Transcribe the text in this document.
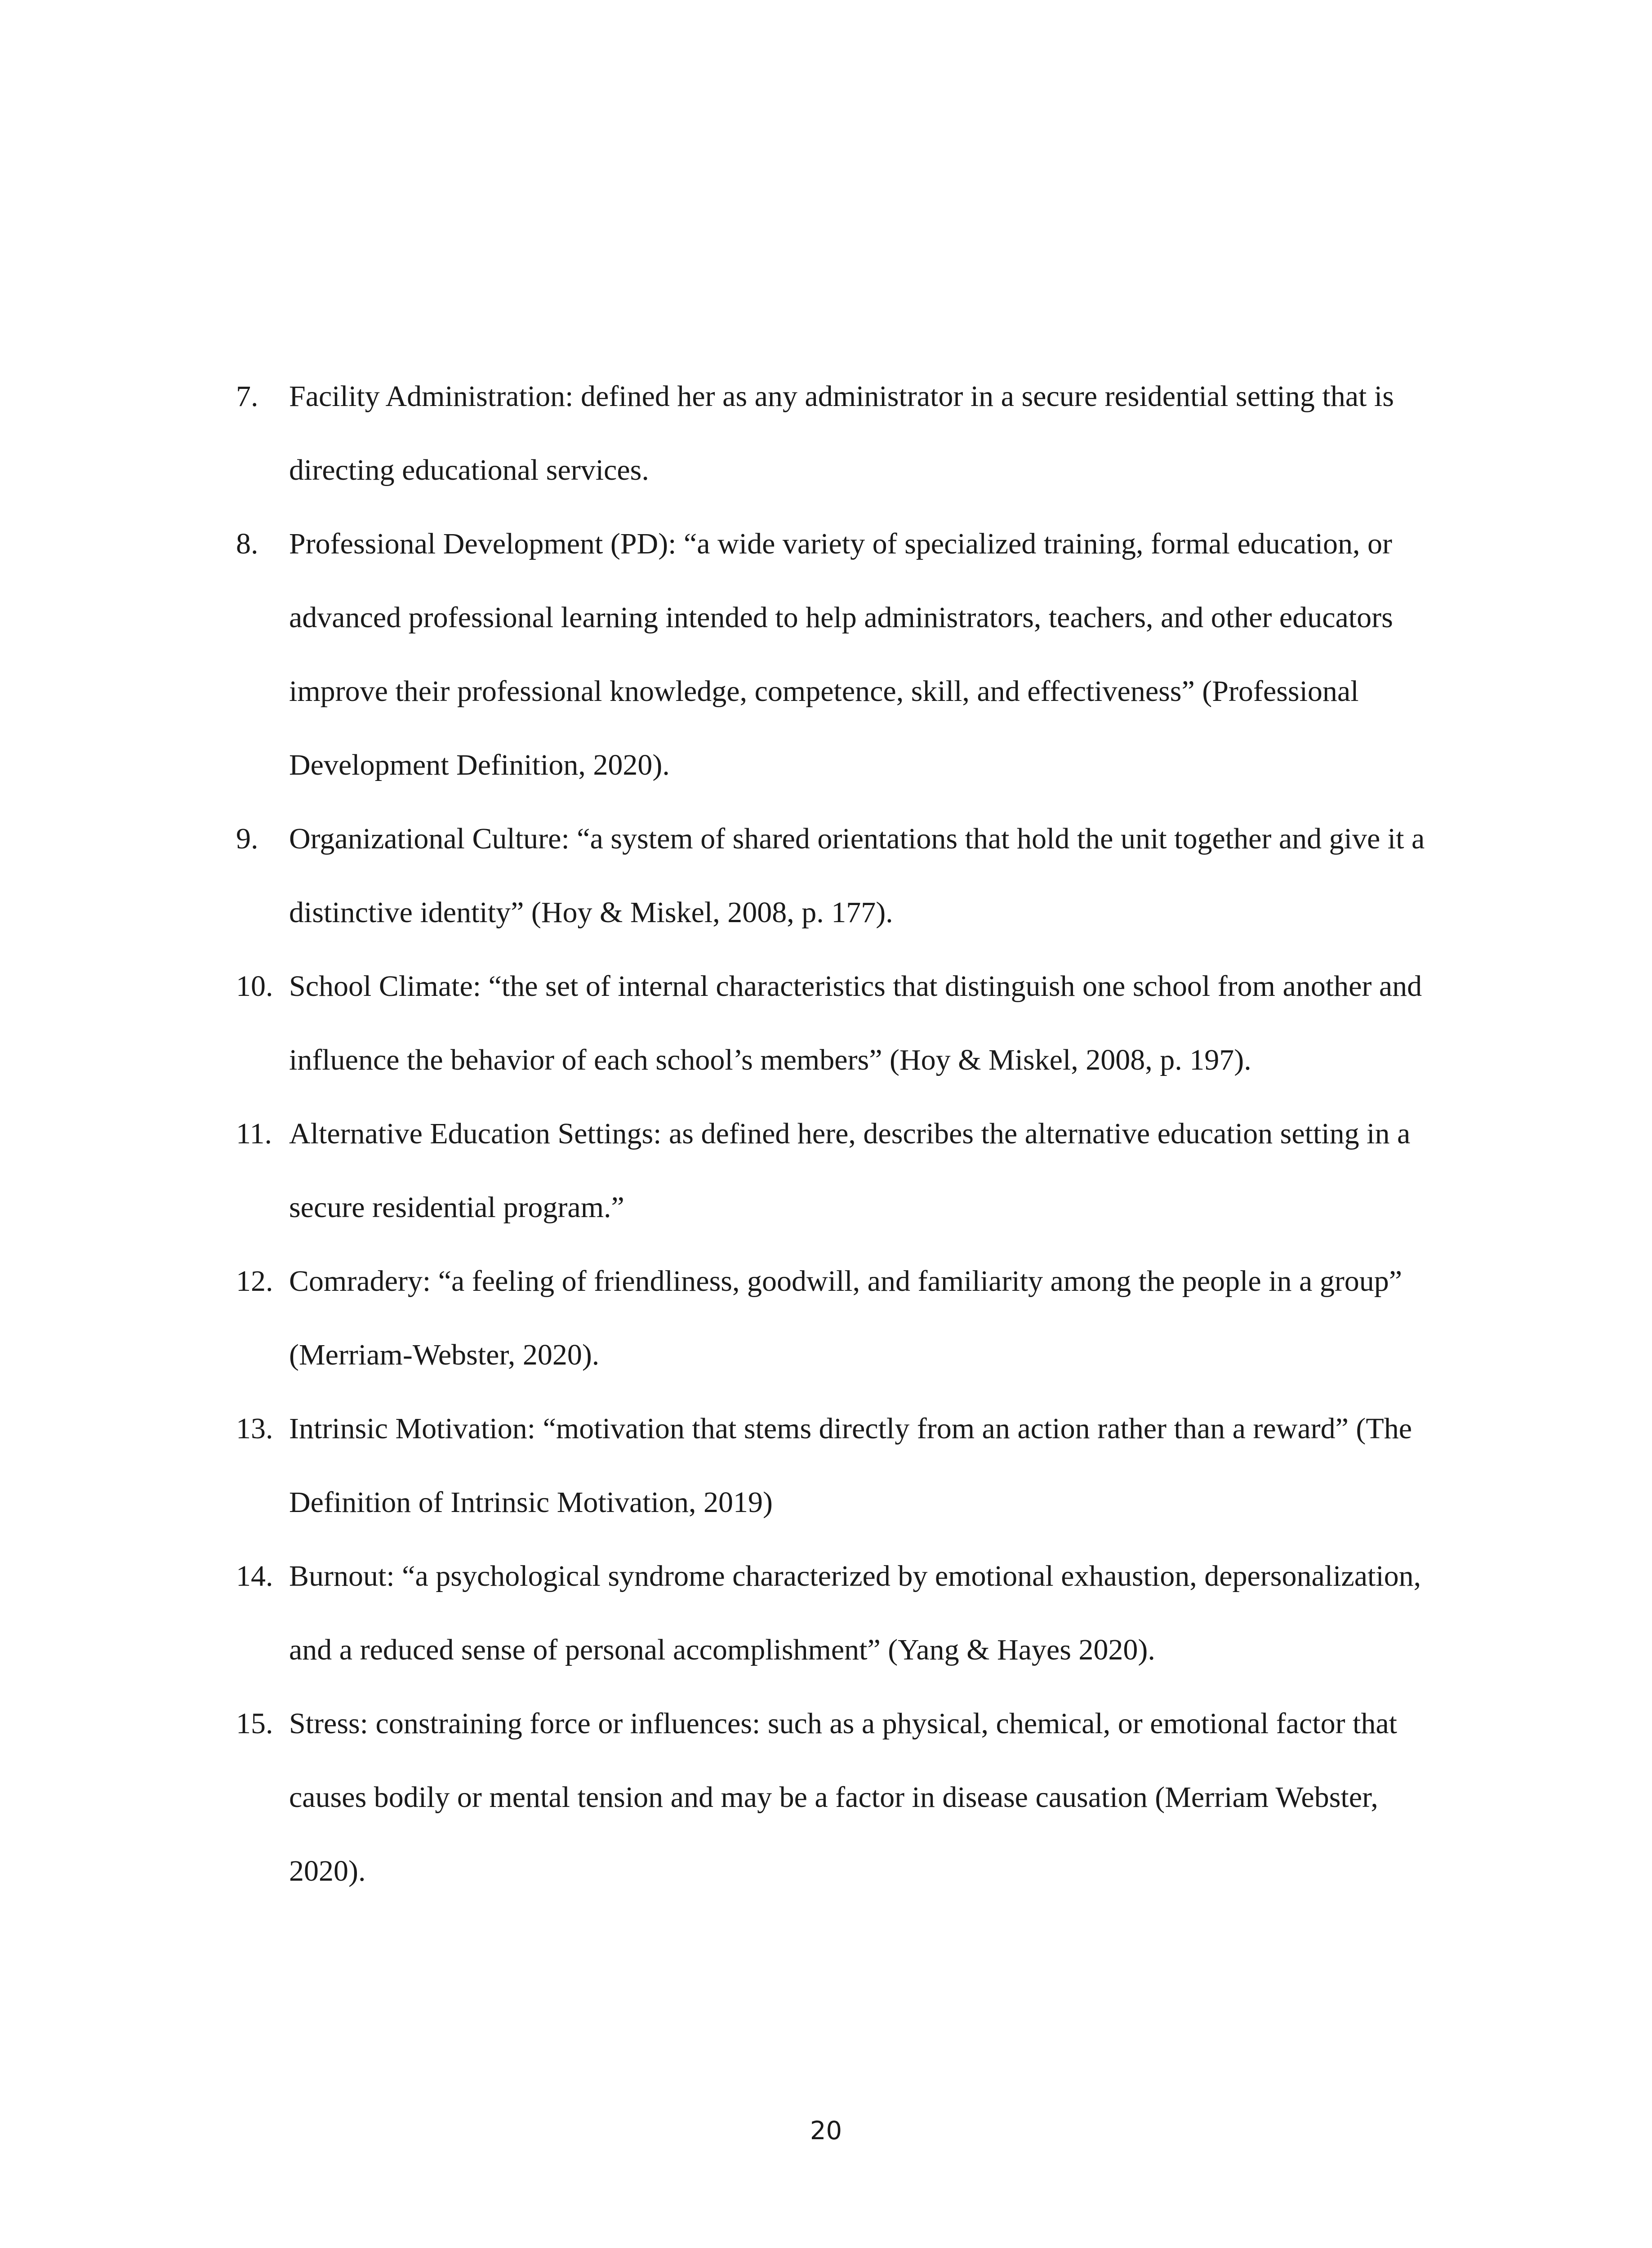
7.	Facility Administration: defined her as any administrator in a secure residential setting that is directing educational services.
8.	Professional Development (PD): “a wide variety of specialized training, formal education, or advanced professional learning intended to help administrators, teachers, and other educators improve their professional knowledge, competence, skill, and effectiveness” (Professional Development Definition, 2020).
9.	Organizational Culture: “a system of shared orientations that hold the unit together and give it a distinctive identity” (Hoy & Miskel, 2008, p. 177).
10. School Climate: “the set of internal characteristics that distinguish one school from another and influence the behavior of each school’s members” (Hoy & Miskel, 2008, p. 197).
11. Alternative Education Settings: as defined here, describes the alternative education setting in a secure residential program.”
12. Comradery: “a feeling of friendliness, goodwill, and familiarity among the people in a group” (Merriam-Webster, 2020).
13. Intrinsic Motivation: “motivation that stems directly from an action rather than a reward” (The Definition of Intrinsic Motivation, 2019)
14. Burnout: “a psychological syndrome characterized by emotional exhaustion, depersonalization, and a reduced sense of personal accomplishment” (Yang & Hayes 2020).
15. Stress: constraining force or influences: such as a physical, chemical, or emotional factor that causes bodily or mental tension and may be a factor in disease causation (Merriam Webster, 2020).
20
